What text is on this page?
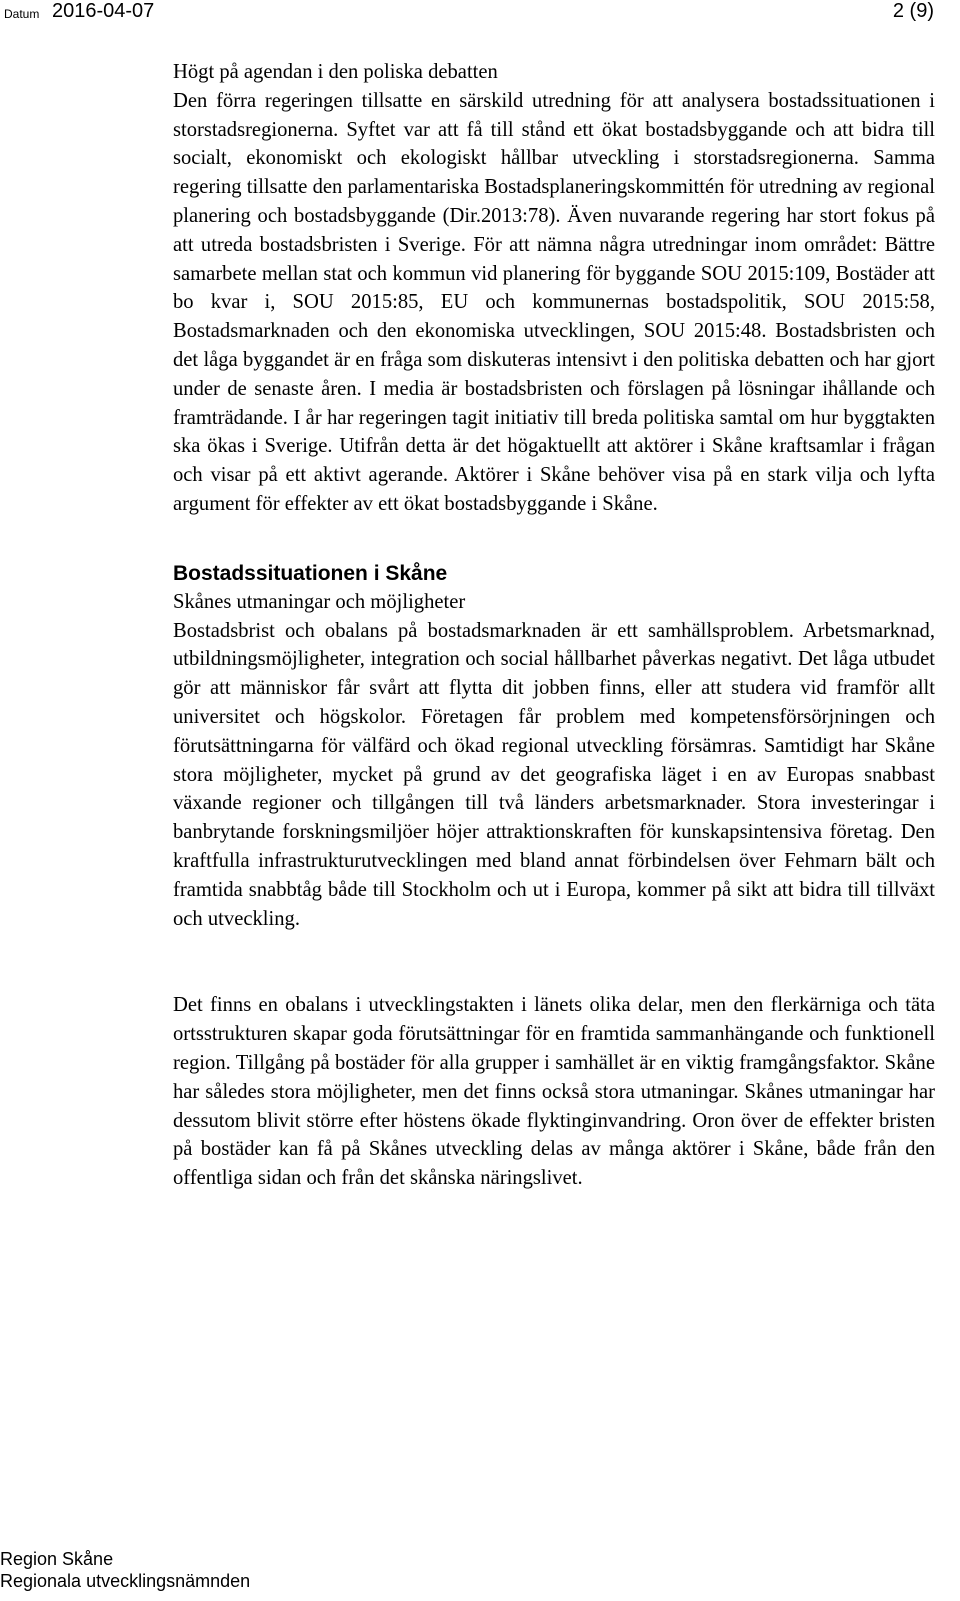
Datum 2016-04-07	2 (9)

Högt på agendan i den poliska debatten

Den förra regeringen tillsatte en särskild utredning för att analysera bostadssituationen i storstadsregionerna. Syftet var att få till stånd ett ökat bostadsbyggande och att bidra till socialt, ekonomiskt och ekologiskt hållbar utveckling i storstadsregionerna. Samma regering tillsatte den parlamentariska Bostadsplaneringskommittén för utredning av regional planering och bostadsbyggande (Dir.2013:78). Även nuvarande regering har stort fokus på att utreda bostadsbristen i Sverige. För att nämna några utredningar inom området: Bättre samarbete mellan stat och kommun vid planering för byggande SOU 2015:109, Bostäder att bo kvar i, SOU 2015:85, EU och kommunernas bostadspolitik, SOU 2015:58, Bostadsmarknaden och den ekonomiska utvecklingen, SOU 2015:48. Bostadsbristen och det låga byggandet är en fråga som diskuteras intensivt i den politiska debatten och har gjort under de senaste åren. I media är bostadsbristen och förslagen på lösningar ihållande och framträdande. I år har regeringen tagit initiativ till breda politiska samtal om hur byggtakten ska ökas i Sverige. Utifrån detta är det högaktuellt att aktörer i Skåne kraftsamlar i frågan och visar på ett aktivt agerande. Aktörer i Skåne behöver visa på en stark vilja och lyfta argument för effekter av ett ökat bostadsbyggande i Skåne.

Bostadssituationen i Skåne

Skånes utmaningar och möjligheter

Bostadsbrist och obalans på bostadsmarknaden är ett samhällsproblem. Arbetsmarknad, utbildningsmöjligheter, integration och social hållbarhet påverkas negativt. Det låga utbudet gör att människor får svårt att flytta dit jobben finns, eller att studera vid framför allt universitet och högskolor. Företagen får problem med kompetensförsörjningen och förutsättningarna för välfärd och ökad regional utveckling försämras. Samtidigt har Skåne stora möjligheter, mycket på grund av det geografiska läget i en av Europas snabbast växande regioner och tillgången till två länders arbetsmarknader. Stora investeringar i banbrytande forskningsmiljöer höjer attraktionskraften för kunskapsintensiva företag. Den kraftfulla infrastrukturutvecklingen med bland annat förbindelsen över Fehmarn bält och framtida snabbtåg både till Stockholm och ut i Europa, kommer på sikt att bidra till tillväxt och utveckling.

Det finns en obalans i utvecklingstakten i länets olika delar, men den flerkärniga och täta ortsstrukturen skapar goda förutsättningar för en framtida sammanhängande och funktionell region. Tillgång på bostäder för alla grupper i samhället är en viktig framgångsfaktor. Skåne har således stora möjligheter, men det finns också stora utmaningar. Skånes utmaningar har dessutom blivit större efter höstens ökade flyktinginvandring. Oron över de effekter bristen på bostäder kan få på Skånes utveckling delas av många aktörer i Skåne, både från den offentliga sidan och från det skånska näringslivet.

Region Skåne
Regionala utvecklingsnämnden
